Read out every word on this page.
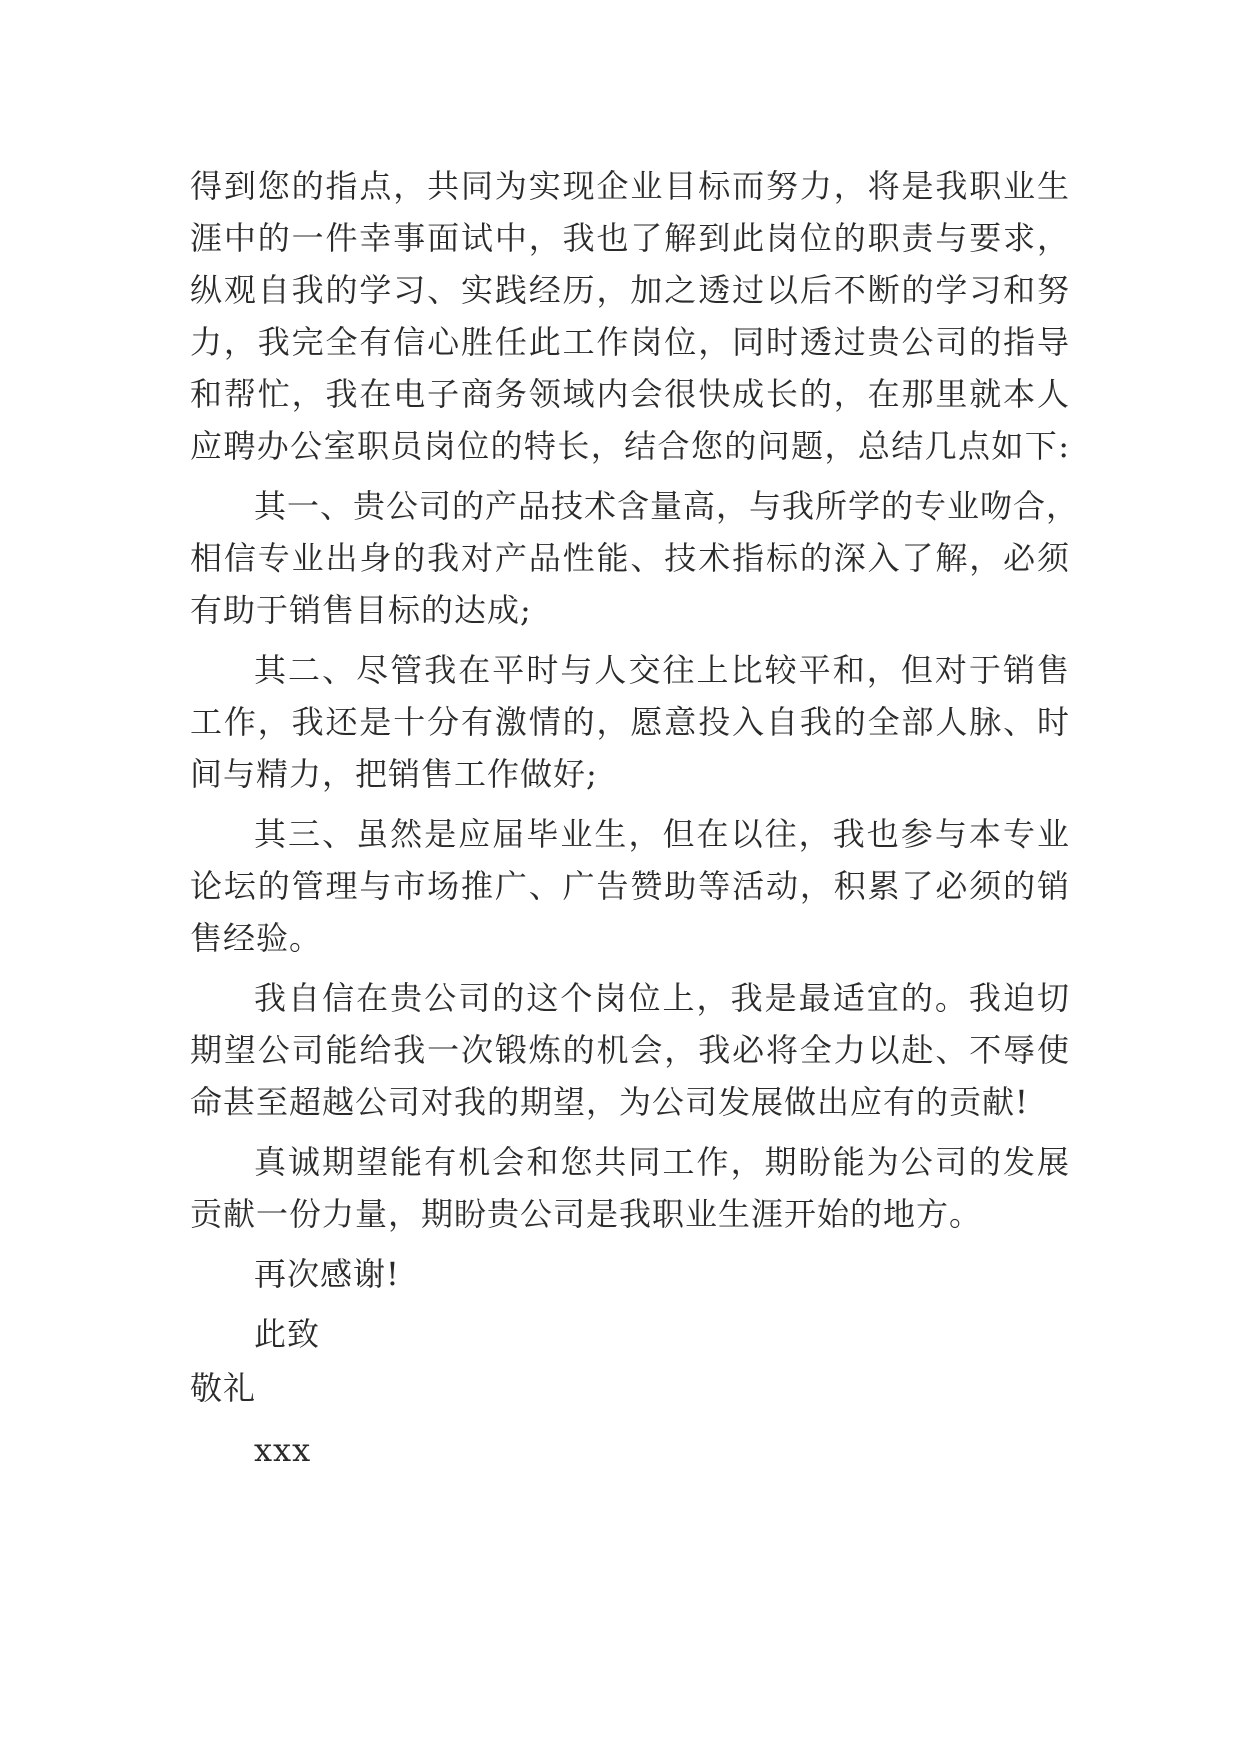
得到您的指点，共同为实现企业目标而努力，将是我职业生
涯中的一件幸事面试中，我也了解到此岗位的职责与要求，
纵观自我的学习、实践经历，加之透过以后不断的学习和努
力，我完全有信心胜任此工作岗位，同时透过贵公司的指导
和帮忙，我在电子商务领域内会很快成长的，在那里就本人
应聘办公室职员岗位的特长，结合您的问题，总结几点如下:
其一、贵公司的产品技术含量高，与我所学的专业吻合，
相信专业出身的我对产品性能、技术指标的深入了解，必须
有助于销售目标的达成;
其二、尽管我在平时与人交往上比较平和，但对于销售
工作，我还是十分有激情的，愿意投入自我的全部人脉、时
间与精力，把销售工作做好;
其三、虽然是应届毕业生，但在以往，我也参与本专业
论坛的管理与市场推广、广告赞助等活动，积累了必须的销
售经验。
我自信在贵公司的这个岗位上，我是最适宜的。我迫切
期望公司能给我一次锻炼的机会，我必将全力以赴、不辱使
命甚至超越公司对我的期望，为公司发展做出应有的贡献!
真诚期望能有机会和您共同工作，期盼能为公司的发展
贡献一份力量，期盼贵公司是我职业生涯开始的地方。
再次感谢!
此致
敬礼
xxx
